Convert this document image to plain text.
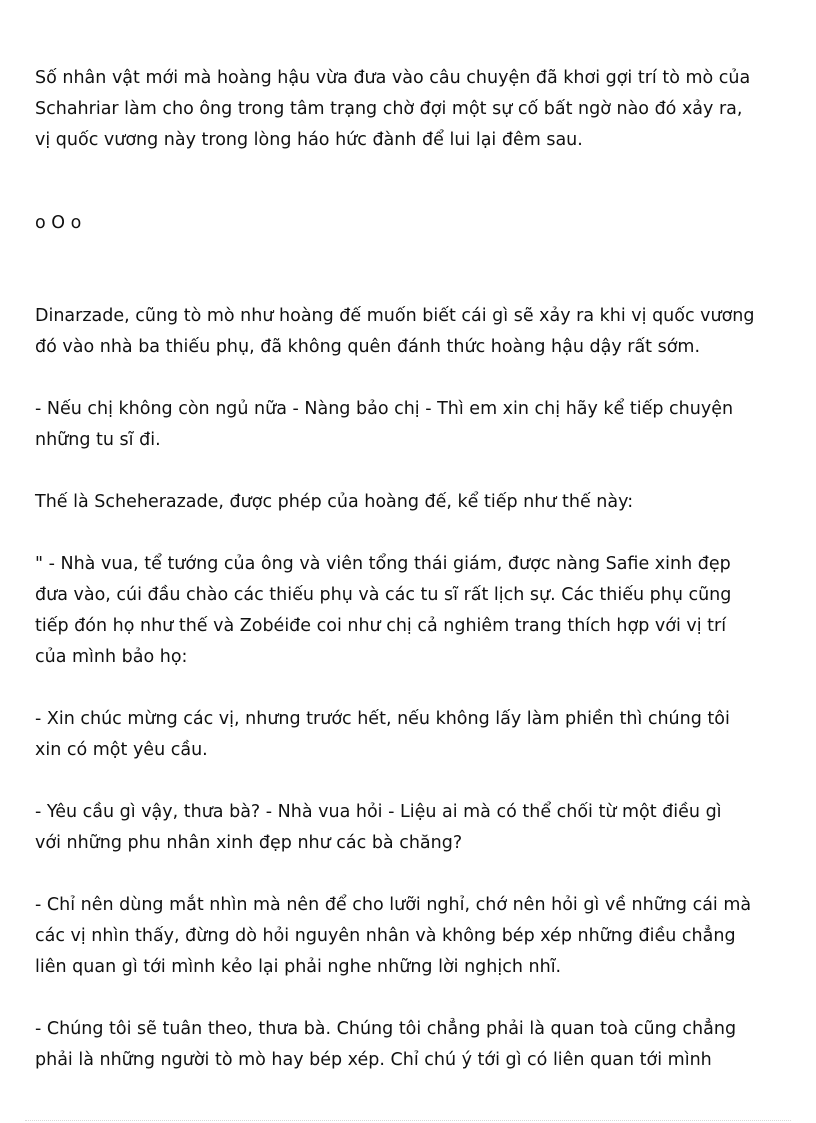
Số nhân vật mới mà hoàng hậu vừa đưa vào câu chuyện đã khơi gợi trí tò mò của
Schahriar làm cho ông trong tâm trạng chờ đợi một sự cố bất ngờ nào đó xảy ra,
vị quốc vương này trong lòng háo hức đành để lui lại đêm sau.
o O o
Dinarzade, cũng tò mò như hoàng đế muốn biết cái gì sẽ xảy ra khi vị quốc vương
đó vào nhà ba thiếu phụ, đã không quên đánh thức hoàng hậu dậy rất sớm.
- Nếu chị không còn ngủ nữa - Nàng bảo chị - Thì em xin chị hãy kể tiếp chuyện
những tu sĩ đi.
Thế là Scheherazade, được phép của hoàng đế, kể tiếp như thế này:
" - Nhà vua, tể tướng của ông và viên tổng thái giám, được nàng Safie xinh đẹp
đưa vào, cúi đầu chào các thiếu phụ và các tu sĩ rất lịch sự. Các thiếu phụ cũng
tiếp đón họ như thế và Zobéiđe coi như chị cả nghiêm trang thích hợp với vị trí
của mình bảo họ:
- Xin chúc mừng các vị, nhưng trước hết, nếu không lấy làm phiền thì chúng tôi
xin có một yêu cầu.
- Yêu cầu gì vậy, thưa bà? - Nhà vua hỏi - Liệu ai mà có thể chối từ một điều gì
với những phu nhân xinh đẹp như các bà chăng?
- Chỉ nên dùng mắt nhìn mà nên để cho lưỡi nghỉ, chớ nên hỏi gì về những cái mà
các vị nhìn thấy, đừng dò hỏi nguyên nhân và không bép xép những điều chẳng
liên quan gì tới mình kẻo lại phải nghe những lời nghịch nhĩ.
- Chúng tôi sẽ tuân theo, thưa bà. Chúng tôi chẳng phải là quan toà cũng chẳng
phải là những người tò mò hay bép xép. Chỉ chú ý tới gì có liên quan tới mình
